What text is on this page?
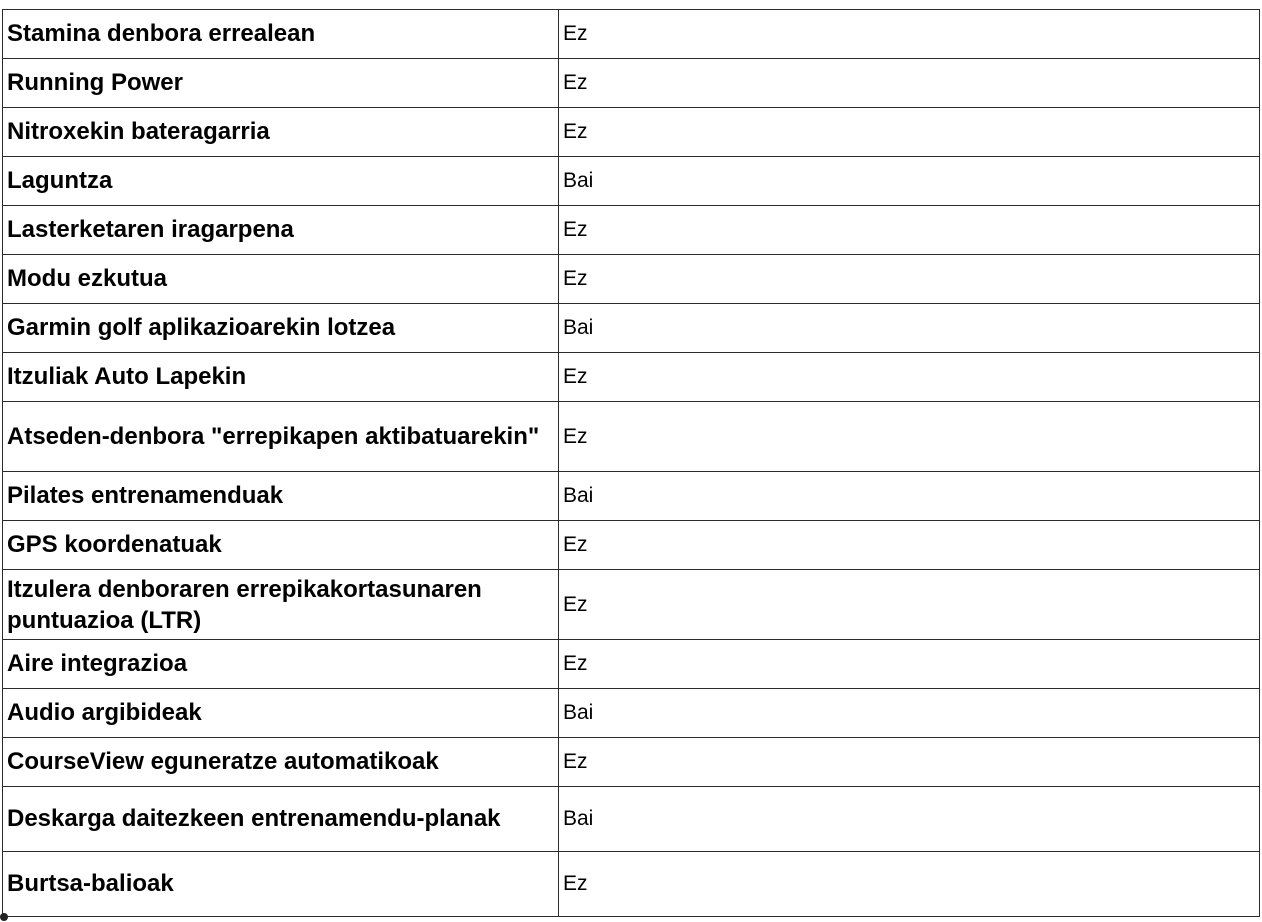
Stamina denbora errealean	Ez
Running Power	Ez
Nitroxekin bateragarria	Ez
Laguntza	Bai
Lasterketaren iragarpena	Ez
Modu ezkutua	Ez
Garmin golf aplikazioarekin lotzea	Bai
Itzuliak Auto Lapekin	Ez
Atseden-denbora "errepikapen aktibatuarekin"	Ez
Pilates entrenamenduak	Bai
GPS koordenatuak	Ez
Itzulera denboraren errepikakortasunaren puntuazioa (LTR)	Ez
Aire integrazioa	Ez
Audio argibideak	Bai
CourseView eguneratze automatikoak	Ez
Deskarga daitezkeen entrenamendu-planak	Bai
Burtsa-balioak	Ez
